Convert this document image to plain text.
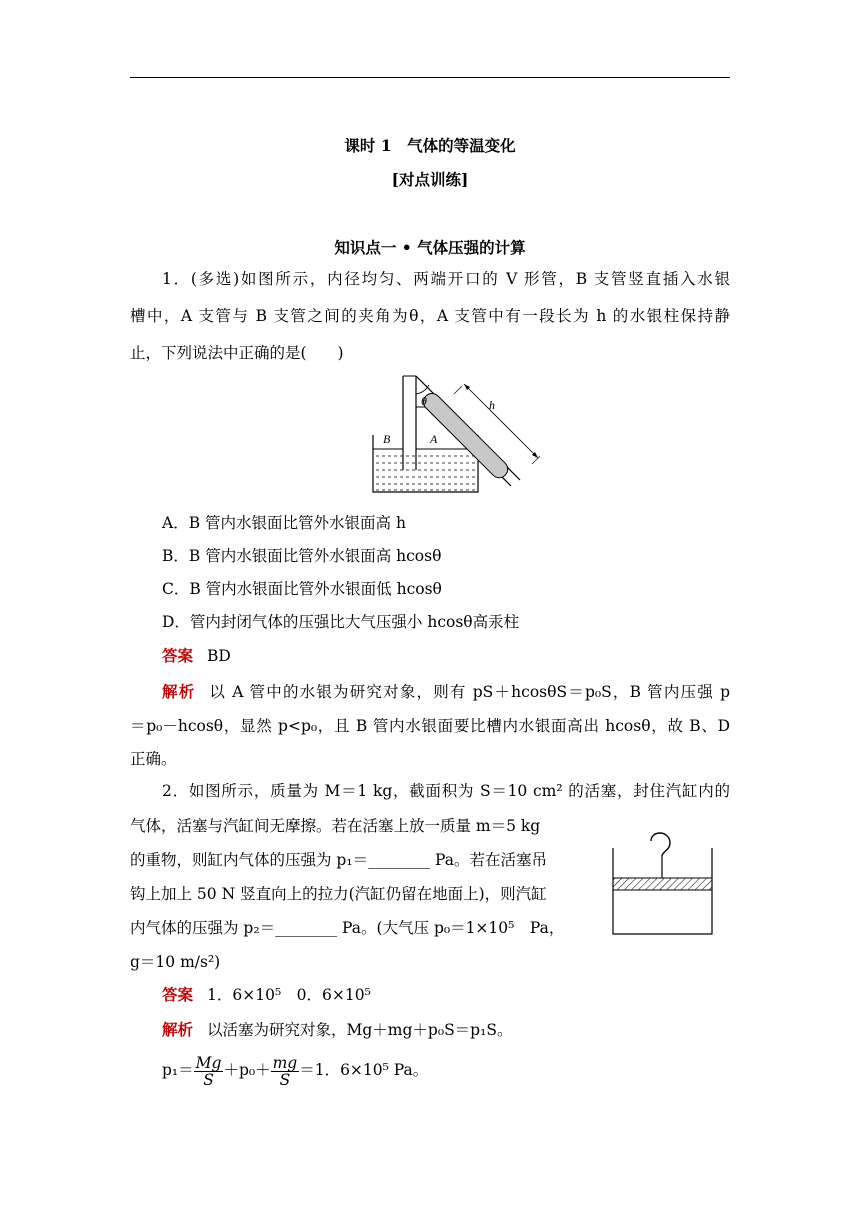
课时 1　气体的等温变化
[对点训练]
知识点一 • 气体压强的计算
1．(多选)如图所示，内径均匀、两端开口的 V 形管，B 支管竖直插入水银
槽中，A 支管与 B 支管之间的夹角为θ，A 支管中有一段长为 h 的水银柱保持静
止，下列说法中正确的是(　　)
h
θ
B	A
A．B 管内水银面比管外水银面高 h
B．B 管内水银面比管外水银面高 hcosθ
C．B 管内水银面比管外水银面低 hcosθ
D．管内封闭气体的压强比大气压强小 hcosθ高汞柱
答案 BD
解析 以 A 管中的水银为研究对象，则有 pS＋hcosθS＝p₀S，B 管内压强 p
＝p₀－hcosθ，显然 p<p₀，且 B 管内水银面要比槽内水银面高出 hcosθ，故 B、D
正确。
2．如图所示，质量为 M＝1 kg，截面积为 S＝10 cm² 的活塞，封住汽缸内的
气体，活塞与汽缸间无摩擦。若在活塞上放一质量 m＝5 kg
的重物，则缸内气体的压强为 p₁＝________ Pa。若在活塞吊
钩上加上 50 N 竖直向上的拉力(汽缸仍留在地面上)，则汽缸
内气体的压强为 p₂＝________ Pa。(大气压 p₀＝1×10⁵　Pa，
g＝10 m/s²)
答案 1．6×10⁵　0．6×10⁵
解析 以活塞为研究对象，Mg＋mg＋p₀S＝p₁S。
$p_1= \frac{Mg}{S} +p_0+ \frac{mg}{S} =1$．6×10⁵ Pa。
